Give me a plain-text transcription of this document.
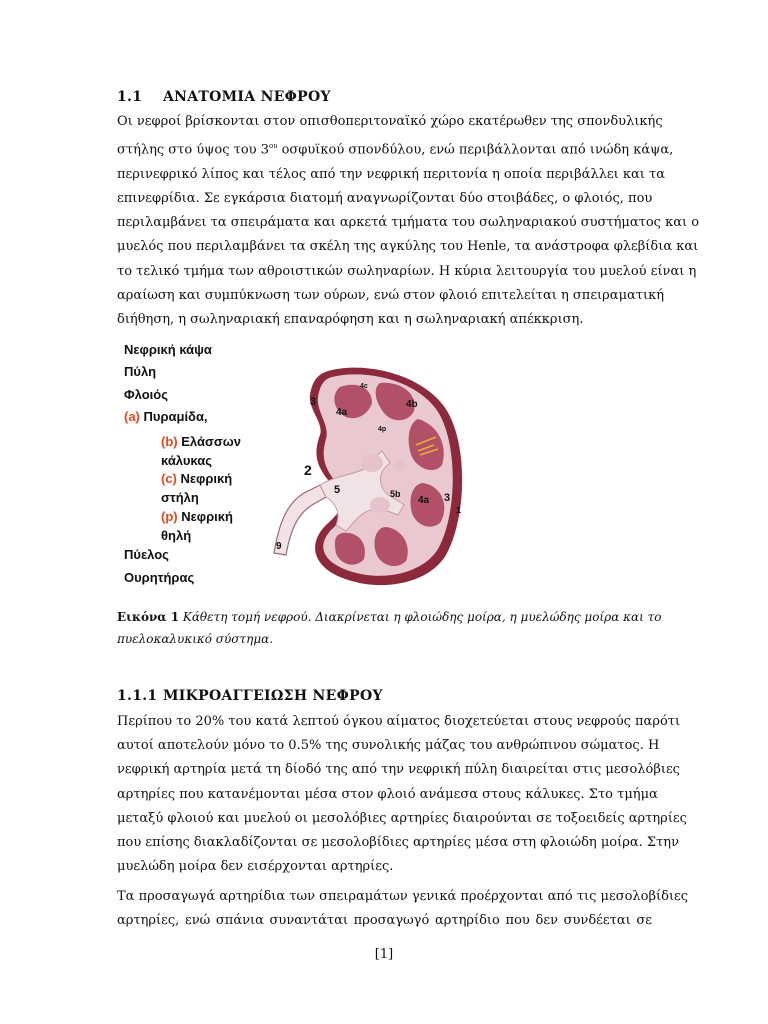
1.1 ΑΝΑΤΟΜΙΑ ΝΕΦΡΟΥ
Οι νεφροί βρίσκονται στον οπισθοπεριτοναϊκό χώρο εκατέρωθεν της σπονδυλικής
στήλης στο ύψος του $3^{o\upsilon}$ οσφυϊκού σπονδύλου, ενώ περιβάλλονται από ινώδη κάψα,
περινεφρικό λίπος και τέλος από την νεφρική περιτονία η οποία περιβάλλει και τα
επινεφρίδια. Σε εγκάρσια διατομή αναγνωρίζονται δύο στοιβάδες, ο φλοιός, που
περιλαμβάνει τα σπειράματα και αρκετά τμήματα του σωληναριακού συστήματος και ο
μυελός που περιλαμβάνει τα σκέλη της αγκύλης του Henle, τα ανάστροφα φλεβίδια και
το τελικό τμήμα των αθροιστικών σωληναρίων. Η κύρια λειτουργία του μυελού είναι η
αραίωση και συμπύκνωση των ούρων, ενώ στον φλοιό επιτελείται η σπειραματική
διήθηση, η σωληναριακή επαναρόφηση και η σωληναριακή απέκκριση.
Νεφρική κάψα
Πύλη
Φλοιός
(a) Πυραμίδα,
(b) Ελάσσων
κάλυκας
(c) Νεφρική
στήλη
(p) Νεφρική
θηλή
Πύελος
Ουρητήρας
4c
3
4a
4b
4p
2
5	5b
4a 3
1
9
Εικόνα 1 Κάθετη τομή νεφρού. Διακρίνεται η φλοιώδης μοίρα, η μυελώδης μοίρα και το
πυελοκαλυκικό σύστημα.
1.1.1 ΜΙΚΡΟΑΓΓΕΙΩΣΗ ΝΕΦΡΟΥ
Περίπου το 20% του κατά λεπτού όγκου αίματος διοχετεύεται στους νεφρούς παρότι
αυτοί αποτελούν μόνο το 0.5% της συνολικής μάζας του ανθρώπινου σώματος. Η
νεφρική αρτηρία μετά τη δίοδό της από την νεφρική πύλη διαιρείται στις μεσολόβιες
αρτηρίες που κατανέμονται μέσα στον φλοιό ανάμεσα στους κάλυκες. Στο τμήμα
μεταξύ φλοιού και μυελού οι μεσολόβιες αρτηρίες διαιρούνται σε τοξοειδείς αρτηρίες
που επίσης διακλαδίζονται σε μεσολοβίδιες αρτηρίες μέσα στη φλοιώδη μοίρα. Στην
μυελώδη μοίρα δεν εισέρχονται αρτηρίες.
Τα προσαγωγά αρτηρίδια των σπειραμάτων γενικά προέρχονται από τις μεσολοβίδιες
αρτηρίες, ενώ σπάνια συναντάται προσαγωγό αρτηρίδιο που δεν συνδέεται σε
[1]
